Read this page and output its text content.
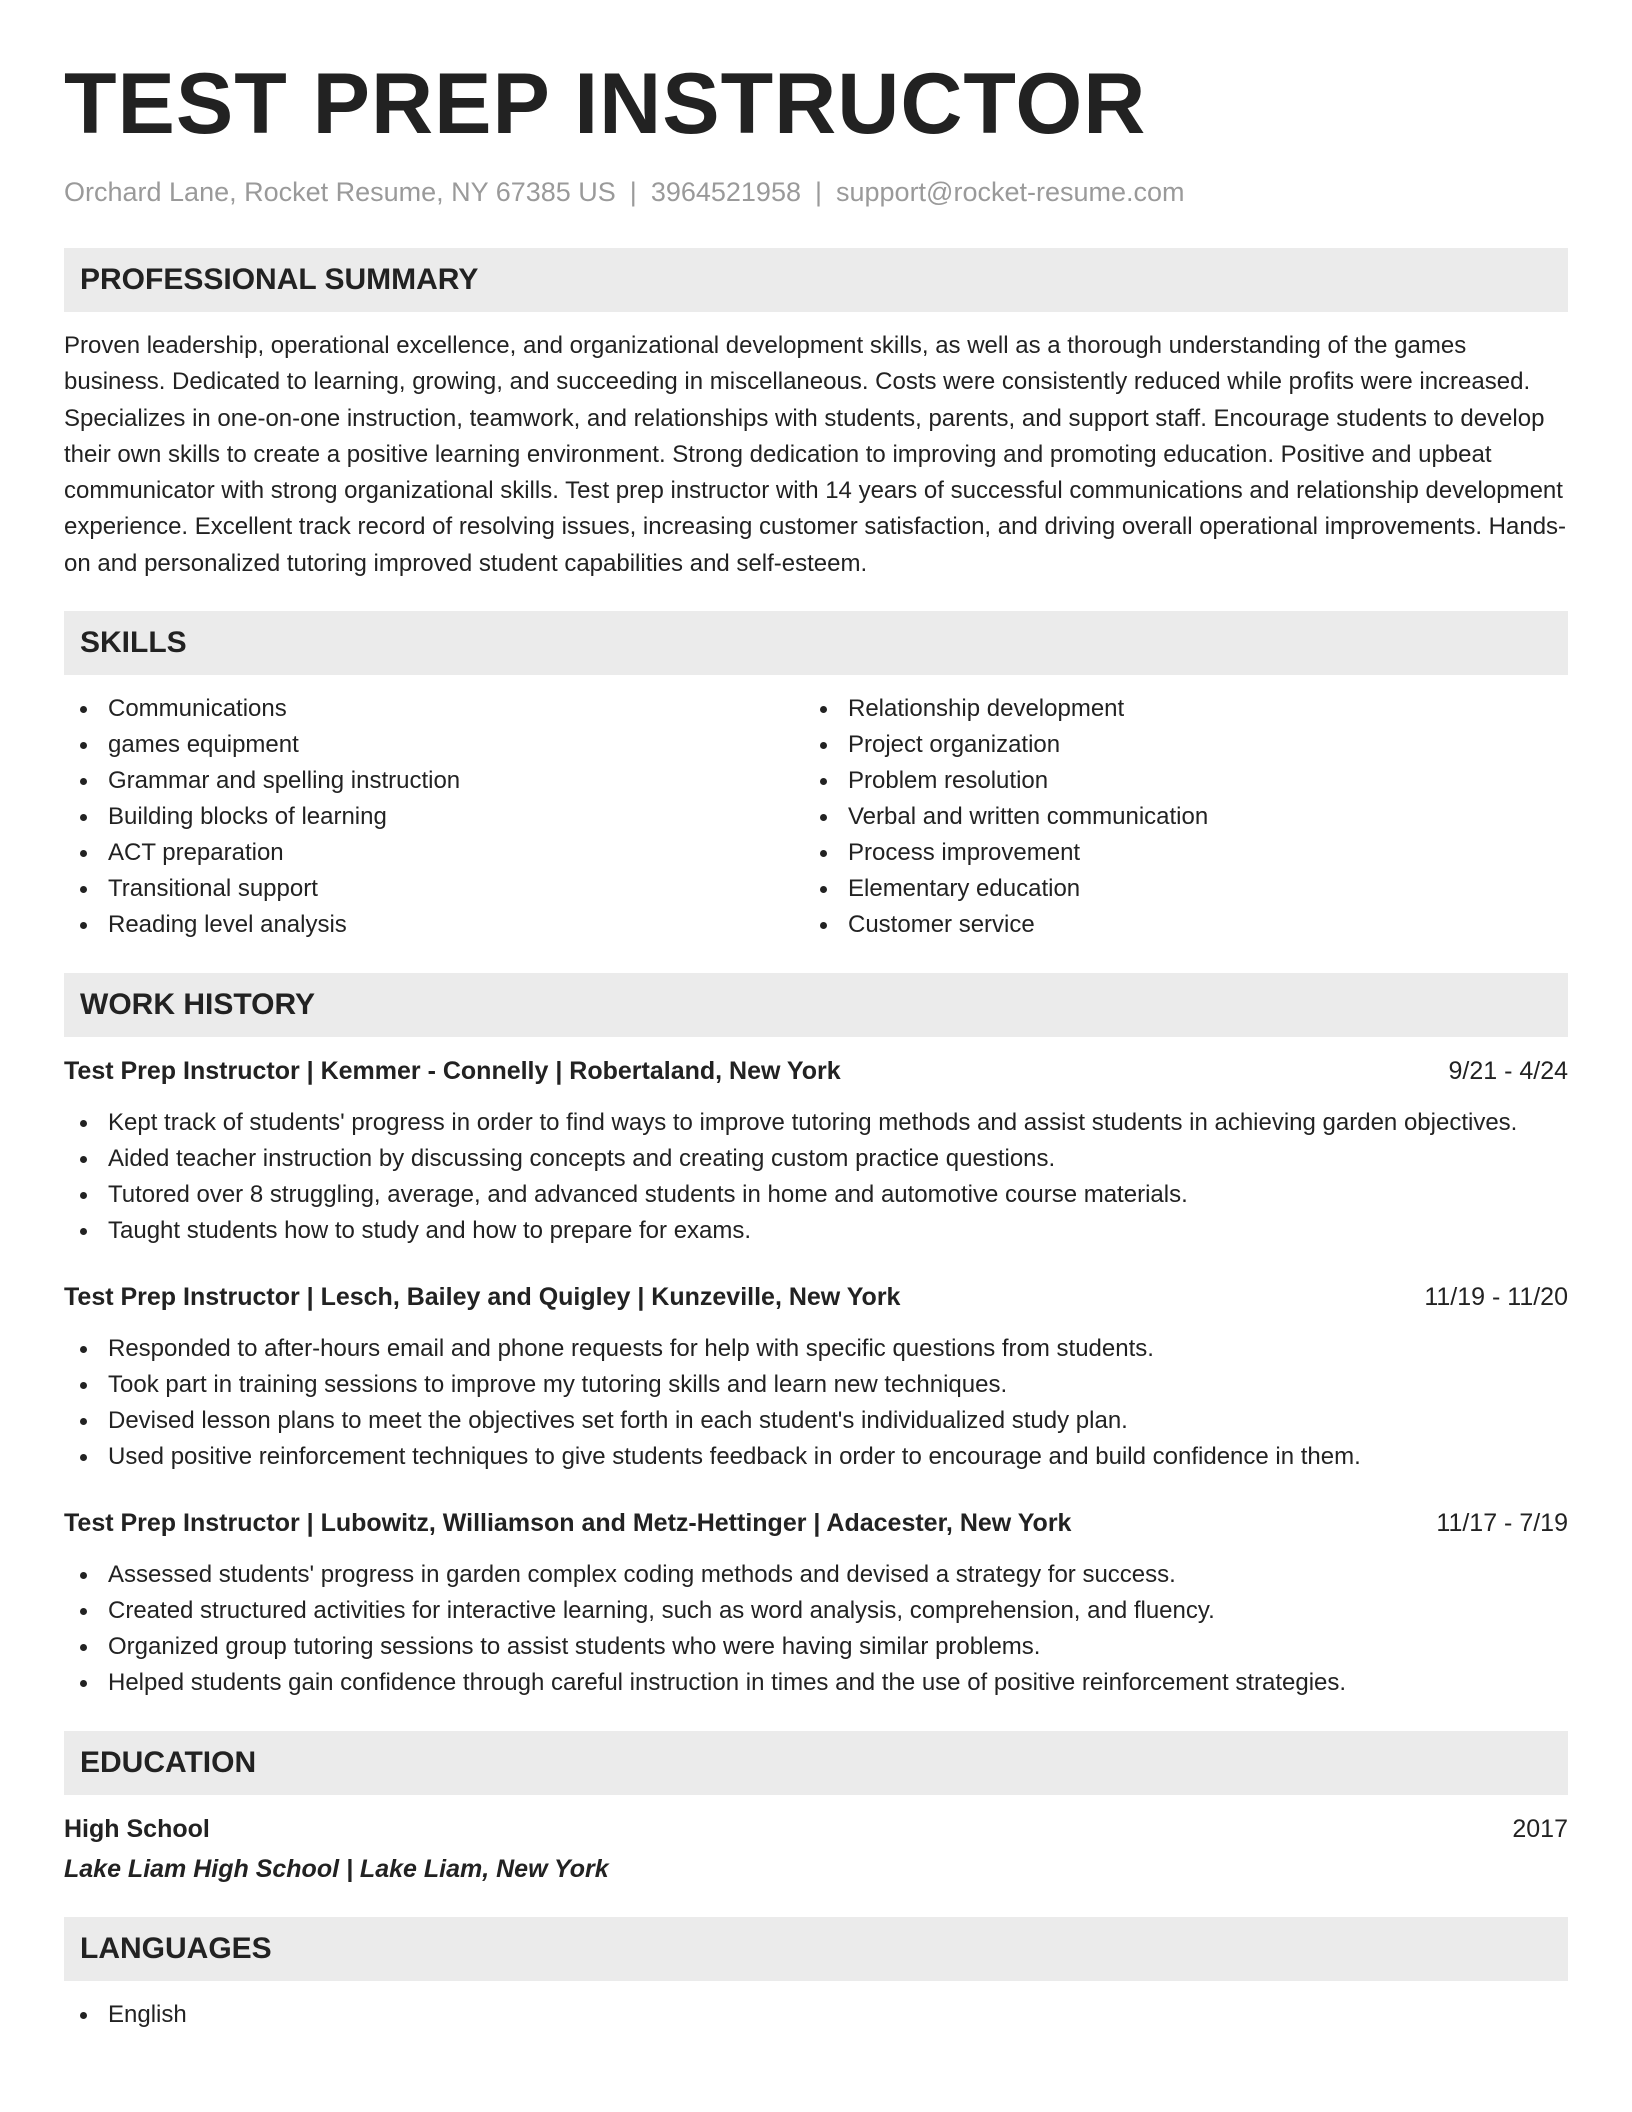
TEST PREP INSTRUCTOR
Orchard Lane, Rocket Resume, NY 67385 US | 3964521958 | support@rocket-resume.com
PROFESSIONAL SUMMARY
Proven leadership, operational excellence, and organizational development skills, as well as a thorough understanding of the games business. Dedicated to learning, growing, and succeeding in miscellaneous. Costs were consistently reduced while profits were increased. Specializes in one-on-one instruction, teamwork, and relationships with students, parents, and support staff. Encourage students to develop their own skills to create a positive learning environment. Strong dedication to improving and promoting education. Positive and upbeat communicator with strong organizational skills. Test prep instructor with 14 years of successful communications and relationship development experience. Excellent track record of resolving issues, increasing customer satisfaction, and driving overall operational improvements. Hands-on and personalized tutoring improved student capabilities and self-esteem.
SKILLS
Communications
games equipment
Grammar and spelling instruction
Building blocks of learning
ACT preparation
Transitional support
Reading level analysis
Relationship development
Project organization
Problem resolution
Verbal and written communication
Process improvement
Elementary education
Customer service
WORK HISTORY
Test Prep Instructor | Kemmer - Connelly | Robertaland, New York	9/21 - 4/24
Kept track of students' progress in order to find ways to improve tutoring methods and assist students in achieving garden objectives.
Aided teacher instruction by discussing concepts and creating custom practice questions.
Tutored over 8 struggling, average, and advanced students in home and automotive course materials.
Taught students how to study and how to prepare for exams.
Test Prep Instructor | Lesch, Bailey and Quigley | Kunzeville, New York	11/19 - 11/20
Responded to after-hours email and phone requests for help with specific questions from students.
Took part in training sessions to improve my tutoring skills and learn new techniques.
Devised lesson plans to meet the objectives set forth in each student's individualized study plan.
Used positive reinforcement techniques to give students feedback in order to encourage and build confidence in them.
Test Prep Instructor | Lubowitz, Williamson and Metz-Hettinger | Adacester, New York	11/17 - 7/19
Assessed students' progress in garden complex coding methods and devised a strategy for success.
Created structured activities for interactive learning, such as word analysis, comprehension, and fluency.
Organized group tutoring sessions to assist students who were having similar problems.
Helped students gain confidence through careful instruction in times and the use of positive reinforcement strategies.
EDUCATION
High School	2017
Lake Liam High School | Lake Liam, New York
LANGUAGES
English
